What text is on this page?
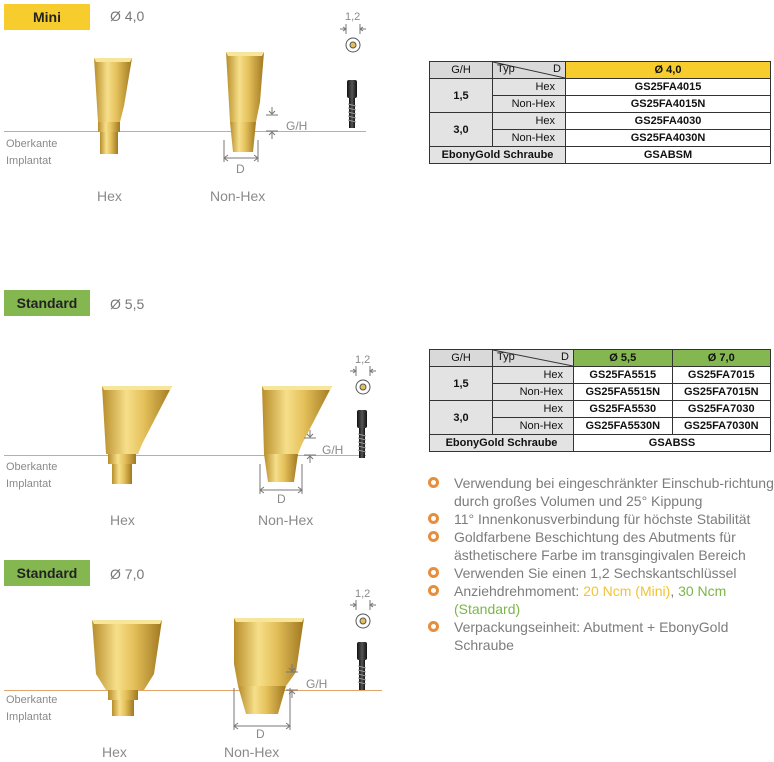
Mini	Ø 4,0
Oberkante
Implantat
G/H
D
1,2
Hex	Non-Hex
G/H	Typ D	Ø 4,0
1,5	Hex	GS25FA4015
	Non-Hex	GS25FA4015N
3,0	Hex	GS25FA4030
	Non-Hex	GS25FA4030N
EbonyGold Schraube		GSABSM
Standard	Ø 5,5
Oberkante
Implantat
G/H
D
1,2
Hex	Non-Hex
G/H	Typ D	Ø 5,5	Ø 7,0
1,5	Hex	GS25FA5515	GS25FA7015
	Non-Hex	GS25FA5515N	GS25FA7015N
3,0	Hex	GS25FA5530	GS25FA7030
	Non-Hex	GS25FA5530N	GS25FA7030N
EbonyGold Schraube		GSABSS	
Verwendung bei eingeschränkter Einschub-richtung durch großes Volumen und 25° Kippung
11° Innenkonusverbindung für höchste Stabilität
Goldfarbene Beschichtung des Abutments für ästhetischere Farbe im transgingivalen Bereich
Verwenden Sie einen 1,2 Sechskantschlüssel
Anziehdrehmoment: 20 Ncm (Mini), 30 Ncm
(Standard)
Verpackungseinheit: Abutment + EbonyGold Schraube
Standard	Ø 7,0
Oberkante
Implantat
G/H
D
1,2
Hex	Non-Hex
